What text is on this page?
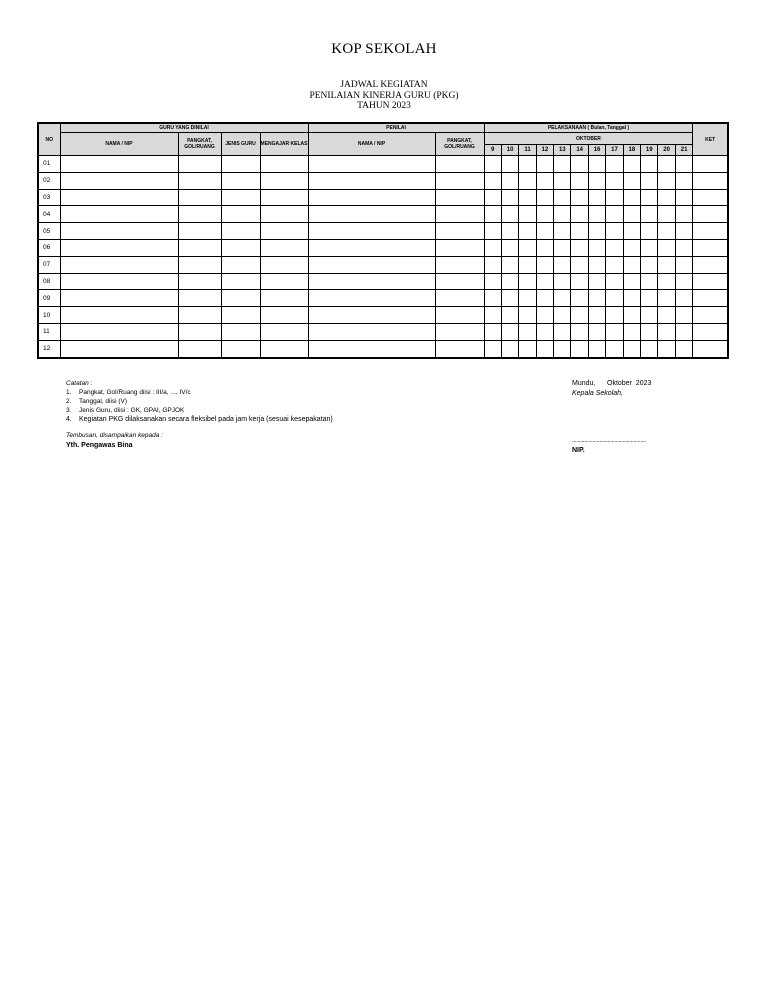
KOP SEKOLAH
JADWAL KEGIATAN
PENILAIAN KINERJA GURU (PKG)
TAHUN 2023
NO	GURU YANG DINILAI				PENILAI		PELAKSANAAN ( Bulan, Tanggal )												KET
	NAMA / NIP	PANGKAT, GOL/RUANG	JENIS GURU	MENGAJAR KELAS	NAMA / NIP	PANGKAT, GOL/RUANG	OKTOBER												
							9	10	11	12	13	14	16	17	18	19	20	21	
01																			
02																			
03																			
04																			
05																			
06																			
07																			
08																			
09																			
10																			
11																			
12																			
Catatan :
1. Pangkat, Gol/Ruang diisi : III/a, ..., IV/c
2. Tanggal, diisi (V)
3. Jenis Guru, diisi : GK, GPAI, GPJOK
4. Kegiatan PKG dilaksanakan secara fleksibel pada jam kerja (sesuai kesepakatan)
Tembusan, disampaikan kepada :
Yth. Pengawas Bina
Mundu,      Oktober  2023
Kepala Sekolah,
......................................................
NIP.
